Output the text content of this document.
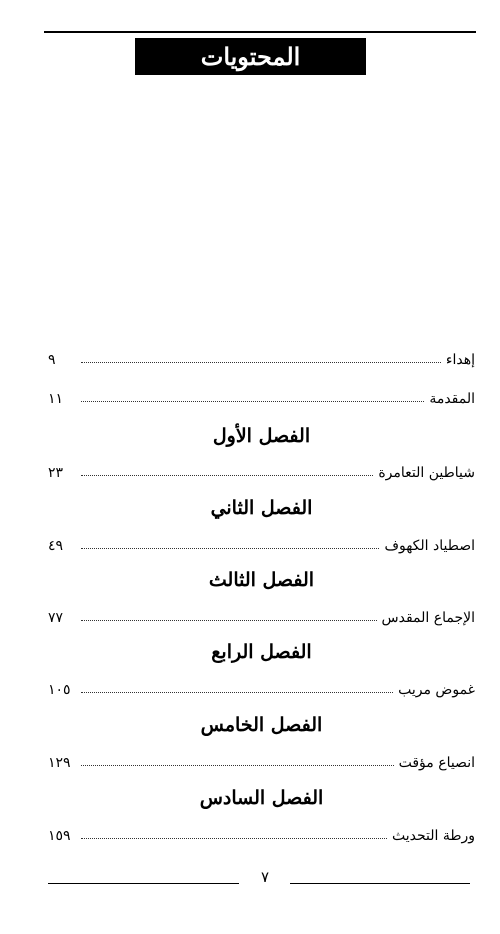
المحتويات
إهداء
٩
المقدمة
١١
الفصل الأول
شياطين التعامرة
٢٣
الفصل الثاني
اصطياد الكهوف
٤٩
الفصل الثالث
الإجماع المقدس
٧٧
الفصل الرابع
غموض مريب
١٠٥
الفصل الخامس
انصياع مؤقت
١٢٩
الفصل السادس
ورطة التحديث
١٥٩
٧
